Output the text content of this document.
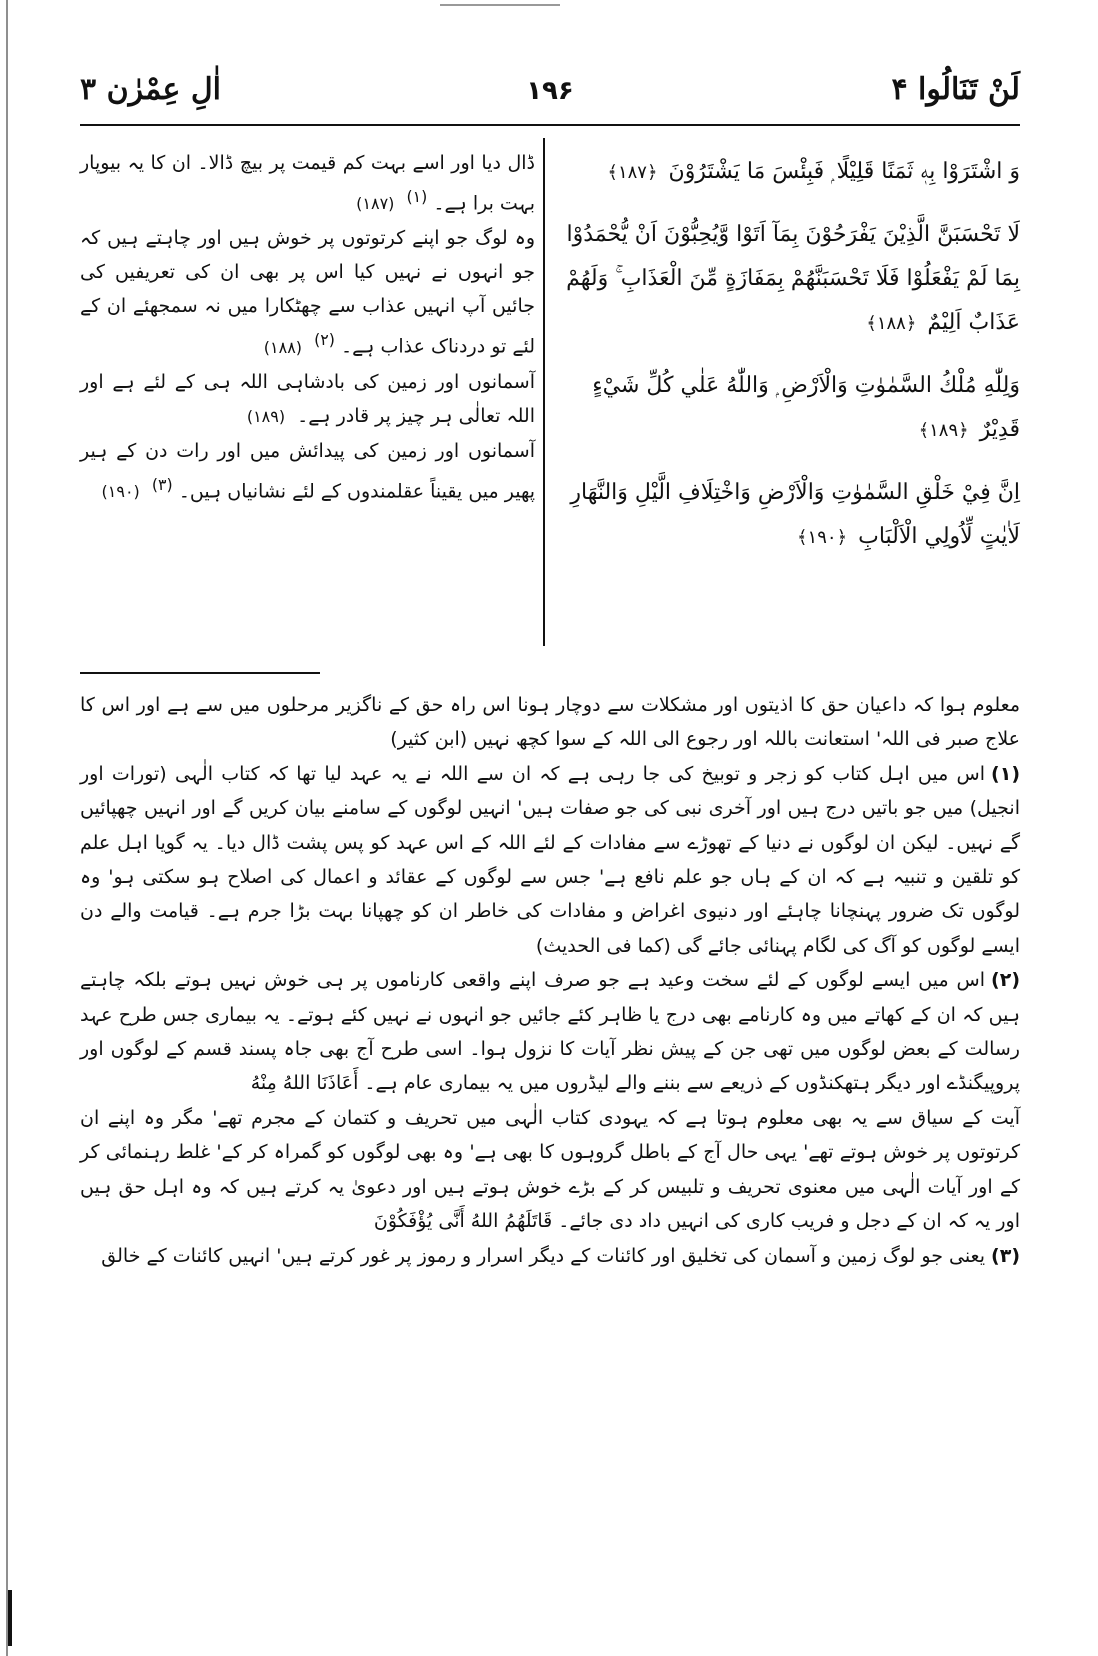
لَنْ تَنَالُوا ۴
۱۹۶
اٰلِ عِمْرٰن ۳

وَ اشْتَرَوْا بِهٖ ثَمَنًا قَلِيْلًا ۭ فَبِئْسَ مَا يَشْتَرُوْنَ ﴿١٨٧﴾

لَا تَحْسَبَنَّ الَّذِيْنَ يَفْرَحُوْنَ بِمَآ اَتَوْا وَّيُحِبُّوْنَ اَنْ يُّحْمَدُوْا بِمَا لَمْ يَفْعَلُوْا فَلَا تَحْسَبَنَّھُمْ بِمَفَازَةٍ مِّنَ الْعَذَابِ ۚ وَلَھُمْ عَذَابٌ اَلِيْمٌ ﴿١٨٨﴾

وَلِلّٰهِ مُلْكُ السَّمٰوٰتِ وَالْاَرْضِ ۭ وَاللّٰهُ عَلٰي كُلِّ شَيْءٍ قَدِيْرٌ ﴿١٨٩﴾

اِنَّ فِيْ خَلْقِ السَّمٰوٰتِ وَالْاَرْضِ وَاخْتِلَافِ الَّيْلِ وَالنَّھَارِ لَاٰيٰتٍ لِّاُولِي الْاَلْبَابِ ﴿١٩٠﴾

ڈال دیا اور اسے بہت کم قیمت پر بیچ ڈالا۔ ان کا یہ بیوپار بہت برا ہے۔ $^{(١)}$ (١٨٧)

وہ لوگ جو اپنے کرتوتوں پر خوش ہیں اور چاہتے ہیں کہ جو انہوں نے نہیں کیا اس پر بھی ان کی تعریفیں کی جائیں آپ انہیں عذاب سے چھٹکارا میں نہ سمجھئے ان کے لئے تو دردناک عذاب ہے۔ $^{(٢)}$ (١٨٨)

آسمانوں اور زمین کی بادشاہی اللہ ہی کے لئے ہے اور اللہ تعالٰی ہر چیز پر قادر ہے۔ (١٨٩)

آسمانوں اور زمین کی پیدائش میں اور رات دن کے ہیر پھیر میں یقیناً عقلمندوں کے لئے نشانیاں ہیں۔ $^{(٣)}$ (١٩٠)

معلوم ہوا کہ داعیان حق کا اذیتوں اور مشکلات سے دوچار ہونا اس راہ حق کے ناگزیر مرحلوں میں سے ہے اور اس کا علاج صبر فی اللہ' استعانت باللہ اور رجوع الی اللہ کے سوا کچھ نہیں (ابن کثیر)

(١)اس میں اہل کتاب کو زجر و توبیخ کی جا رہی ہے کہ ان سے اللہ نے یہ عہد لیا تھا کہ کتاب الٰہی (تورات اور انجیل) میں جو باتیں درج ہیں اور آخری نبی کی جو صفات ہیں' انہیں لوگوں کے سامنے بیان کریں گے اور انہیں چھپائیں گے نہیں۔ لیکن ان لوگوں نے دنیا کے تھوڑے سے مفادات کے لئے اللہ کے اس عہد کو پس پشت ڈال دیا۔ یہ گویا اہل علم کو تلقین و تنبیہ ہے کہ ان کے ہاں جو علم نافع ہے' جس سے لوگوں کے عقائد و اعمال کی اصلاح ہو سکتی ہو' وہ لوگوں تک ضرور پہنچانا چاہئے اور دنیوی اغراض و مفادات کی خاطر ان کو چھپانا بہت بڑا جرم ہے۔ قیامت والے دن ایسے لوگوں کو آگ کی لگام پہنائی جائے گی (کما فی الحدیث)

(٢)اس میں ایسے لوگوں کے لئے سخت وعید ہے جو صرف اپنے واقعی کارناموں پر ہی خوش نہیں ہوتے بلکہ چاہتے ہیں کہ ان کے کھاتے میں وہ کارنامے بھی درج یا ظاہر کئے جائیں جو انہوں نے نہیں کئے ہوتے۔ یہ بیماری جس طرح عہد رسالت کے بعض لوگوں میں تھی جن کے پیش نظر آیات کا نزول ہوا۔ اسی طرح آج بھی جاہ پسند قسم کے لوگوں اور پروپیگنڈے اور دیگر ہتھکنڈوں کے ذریعے سے بننے والے لیڈروں میں یہ بیماری عام ہے۔ أَعَاذَنَا اللهُ مِنْهُ

آیت کے سیاق سے یہ بھی معلوم ہوتا ہے کہ یہودی کتاب الٰہی میں تحریف و کتمان کے مجرم تھے' مگر وہ اپنے ان کرتوتوں پر خوش ہوتے تھے' یہی حال آج کے باطل گروہوں کا بھی ہے' وہ بھی لوگوں کو گمراہ کر کے' غلط رہنمائی کر کے اور آیات الٰہی میں معنوی تحریف و تلبیس کر کے بڑے خوش ہوتے ہیں اور دعویٰ یہ کرتے ہیں کہ وہ اہل حق ہیں اور یہ کہ ان کے دجل و فریب کاری کی انہیں داد دی جائے۔ قَاتَلَهُمُ اللهُ أَنَّى يُؤْفَكُوْنَ

(٣)یعنی جو لوگ زمین و آسمان کی تخلیق اور کائنات کے دیگر اسرار و رموز پر غور کرتے ہیں' انہیں کائنات کے خالق
